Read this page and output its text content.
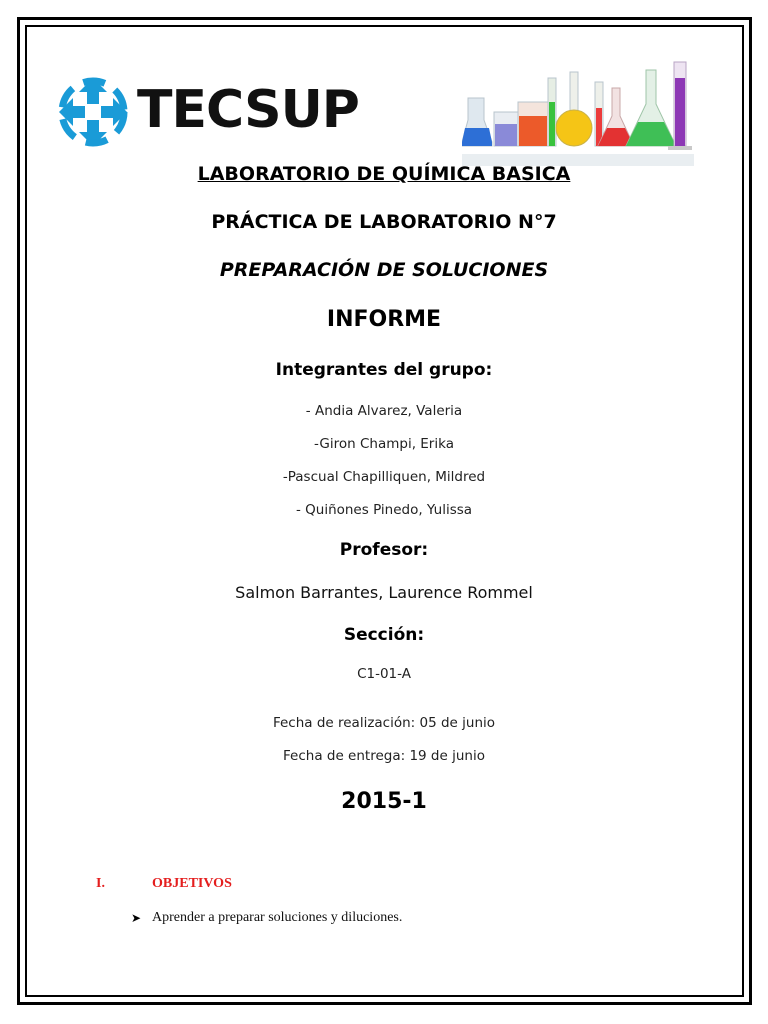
TECSUP
LABORATORIO DE QUÍMICA BASICA
PRÁCTICA DE LABORATORIO N°7
PREPARACIÓN DE SOLUCIONES
INFORME
Integrantes del grupo:
- Andia Alvarez, Valeria
-Giron Champi, Erika
-Pascual Chapilliquen, Mildred
- Quiñones Pinedo, Yulissa
Profesor:
Salmon Barrantes, Laurence Rommel
Sección:
C1-01-A
Fecha de realización: 05 de junio
Fecha de entrega: 19 de junio
2015-1
I.	OBJETIVOS
➤ Aprender a preparar soluciones y diluciones.
